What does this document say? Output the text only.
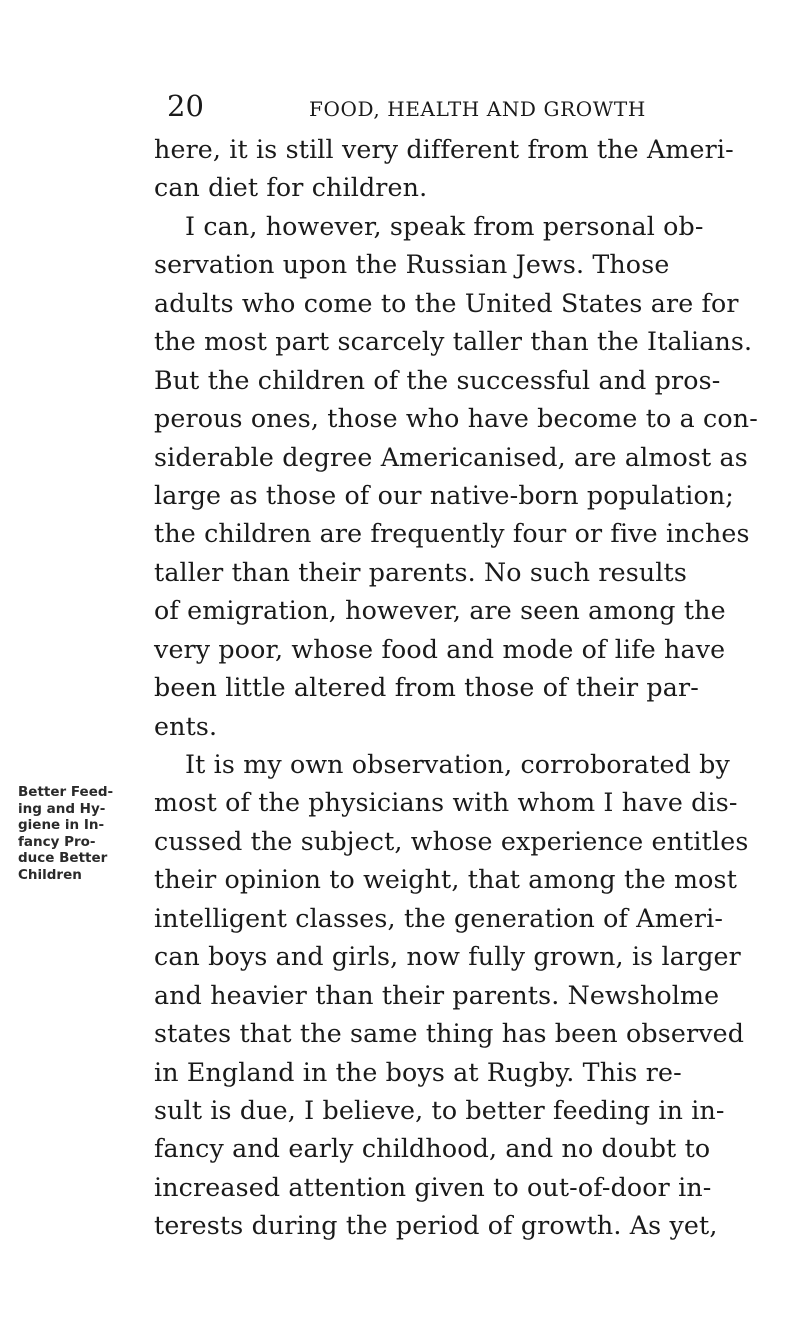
20	FOOD, HEALTH AND GROWTH
Better Feed-
ing and Hy-
giene in In-
fancy Pro-
duce Better
Children
here, it is still very different from the Ameri-
can diet for children.
I can, however, speak from personal ob-
servation upon the Russian Jews. Those
adults who come to the United States are for
the most part scarcely taller than the Italians.
But the children of the successful and pros-
perous ones, those who have become to a con-
siderable degree Americanised, are almost as
large as those of our native-born population;
the children are frequently four or five inches
taller than their parents. No such results
of emigration, however, are seen among the
very poor, whose food and mode of life have
been little altered from those of their par-
ents.
It is my own observation, corroborated by
most of the physicians with whom I have dis-
cussed the subject, whose experience entitles
their opinion to weight, that among the most
intelligent classes, the generation of Ameri-
can boys and girls, now fully grown, is larger
and heavier than their parents. Newsholme
states that the same thing has been observed
in England in the boys at Rugby. This re-
sult is due, I believe, to better feeding in in-
fancy and early childhood, and no doubt to
increased attention given to out-of-door in-
terests during the period of growth. As yet,
